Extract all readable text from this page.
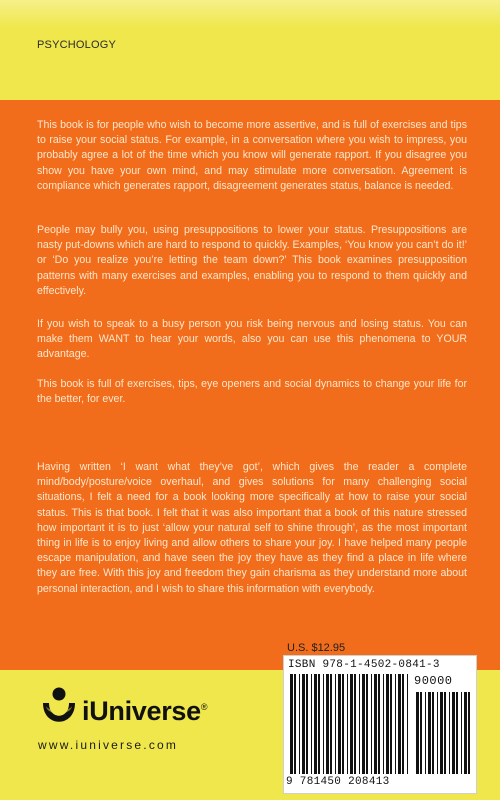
PSYCHOLOGY

This book is for people who wish to become more assertive, and is full of exercises and tips to raise your social status. For example, in a conversation where you wish to impress, you probably agree a lot of the time which you know will generate rapport. If you disagree you show you have your own mind, and may stimulate more conversation. Agreement is compliance which generates rapport, disagreement generates status, balance is needed.

People may bully you, using presuppositions to lower your status. Presuppositions are nasty put-downs which are hard to respond to quickly. Examples, ‘You know you can’t do it!’ or ‘Do you realize you’re letting the team down?’ This book examines presupposition patterns with many exercises and examples, enabling you to respond to them quickly and effectively.

If you wish to speak to a busy person you risk being nervous and losing status. You can make them WANT to hear your words, also you can use this phenomena to YOUR advantage.

This book is full of exercises, tips, eye openers and social dynamics to change your life for the better, for ever.

Having written ‘I want what they’ve got’, which gives the reader a complete mind/body/posture/voice overhaul, and gives solutions for many challenging social situations, I felt a need for a book looking more specifically at how to raise your social status. This is that book. I felt that it was also important that a book of this nature stressed how important it is to just ‘allow your natural self to shine through’, as the most important thing in life is to enjoy living and allow others to share your joy. I have helped many people escape manipulation, and have seen the joy they have as they find a place in life where they are free. With this joy and freedom they gain charisma as they understand more about personal interaction, and I wish to share this information with everybody.

U.S. $12.95
ISBN 978-1-4502-0841-3
90000
9 781450 208413
iUniverse®
www.iuniverse.com
